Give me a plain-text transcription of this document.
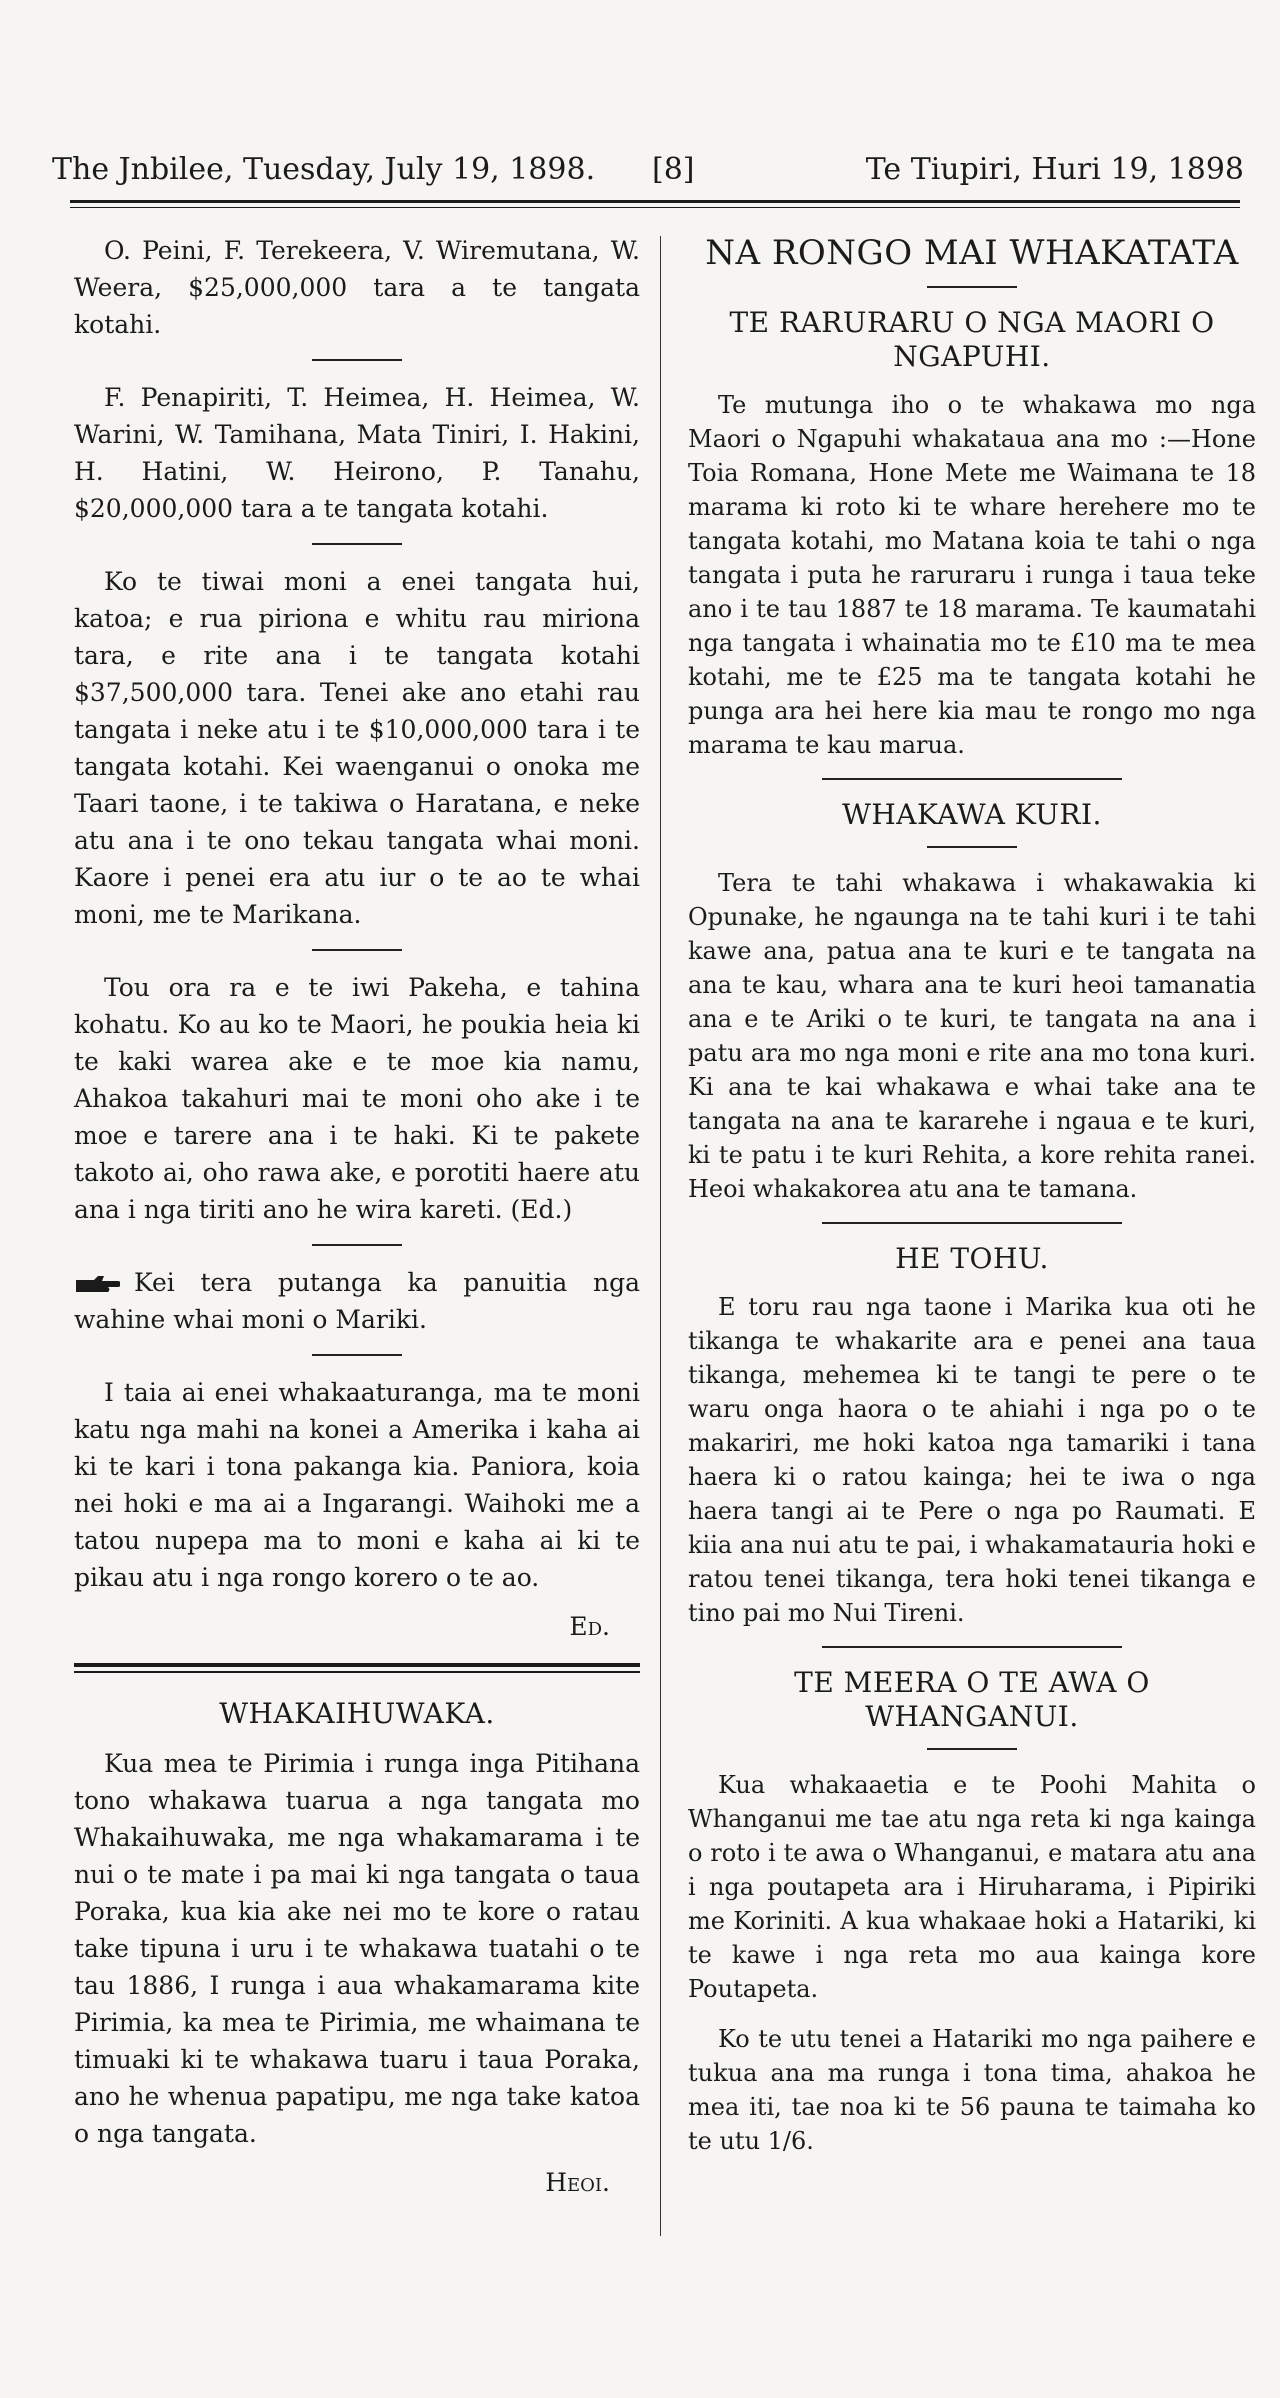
The Jnbilee, Tuesday, July 19, 1898. [8]	Te Tiupiri, Huri 19, 1898

O. Peini, F. Terekeera, V. Wiremutana, W. Weera, $25,000,000 tara a te tangata kotahi.

F. Penapiriti, T. Heimea, H. Heimea, W. Warini, W. Tamihana, Mata Tiniri, I. Hakini, H. Hatini, W. Heirono, P. Tanahu, $20,000,000 tara a te tangata kotahi.

Ko te tiwai moni a enei tangata hui, katoa; e rua piriona e whitu rau miriona tara, e rite ana i te tangata kotahi $37,500,000 tara. Tenei ake ano etahi rau tangata i neke atu i te $10,000,000 tara i te tangata kotahi. Kei waenganui o onoka me Taari taone, i te takiwa o Haratana, e neke atu ana i te ono tekau tangata whai moni. Kaore i penei era atu iur o te ao te whai moni, me te Marikana.

Tou ora ra e te iwi Pakeha, e tahina kohatu. Ko au ko te Maori, he poukia heia ki te kaki warea ake e te moe kia namu, Ahakoa takahuri mai te moni oho ake i te moe e tarere ana i te haki. Ki te pakete takoto ai, oho rawa ake, e porotiti haere atu ana i nga tiriti ano he wira kareti. (Ed.)

Kei tera putanga ka panuitia nga wahine whai moni o Mariki.

I taia ai enei whakaaturanga, ma te moni katu nga mahi na konei a Amerika i kaha ai ki te kari i tona pakanga kia. Paniora, koia nei hoki e ma ai a Ingarangi. Waihoki me a tatou nupepa ma to moni e kaha ai ki te pikau atu i nga rongo korero o te ao.

Ed.
WHAKAIHUWAKA.

Kua mea te Pirimia i runga inga Pitihana tono whakawa tuarua a nga tangata mo Whakaihuwaka, me nga whakamarama i te nui o te mate i pa mai ki nga tangata o taua Poraka, kua kia ake nei mo te kore o ratau take tipuna i uru i te whakawa tuatahi o te tau 1886, I runga i aua whakamarama kite Pirimia, ka mea te Pirimia, me whaimana te timuaki ki te whakawa tuaru i taua Poraka, ano he whenua papatipu, me nga take katoa o nga tangata.

Heoi.
NA RONGO MAI WHAKATATA
TE RARURARU O NGA MAORI O NGAPUHI.

Te mutunga iho o te whakawa mo nga Maori o Ngapuhi whakataua ana mo :—Hone Toia Romana, Hone Mete me Waimana te 18 marama ki roto ki te whare herehere mo te tangata kotahi, mo Matana koia te tahi o nga tangata i puta he raruraru i runga i taua teke ano i te tau 1887 te 18 marama. Te kaumatahi nga tangata i whainatia mo te £10 ma te mea kotahi, me te £25 ma te tangata kotahi he punga ara hei here kia mau te rongo mo nga marama te kau marua.

WHAKAWA KURI.

Tera te tahi whakawa i whakawakia ki Opunake, he ngaunga na te tahi kuri i te tahi kawe ana, patua ana te kuri e te tangata na ana te kau, whara ana te kuri heoi tamanatia ana e te Ariki o te kuri, te tangata na ana i patu ara mo nga moni e rite ana mo tona kuri. Ki ana te kai whakawa e whai take ana te tangata na ana te kararehe i ngaua e te kuri, ki te patu i te kuri Rehita, a kore rehita ranei. Heoi whakakorea atu ana te tamana.

HE TOHU.

E toru rau nga taone i Marika kua oti he tikanga te whakarite ara e penei ana taua tikanga, mehemea ki te tangi te pere o te waru onga haora o te ahiahi i nga po o te makariri, me hoki katoa nga tamariki i tana haera ki o ratou kainga; hei te iwa o nga haera tangi ai te Pere o nga po Raumati. E kiia ana nui atu te pai, i whakamatauria hoki e ratou tenei tikanga, tera hoki tenei tikanga e tino pai mo Nui Tireni.

TE MEERA O TE AWA O WHANGANUI.

Kua whakaaetia e te Poohi Mahita o Whanganui me tae atu nga reta ki nga kainga o roto i te awa o Whanganui, e matara atu ana i nga poutapeta ara i Hiruharama, i Pipiriki me Koriniti. A kua whakaae hoki a Hatariki, ki te kawe i nga reta mo aua kainga kore Poutapeta.

Ko te utu tenei a Hatariki mo nga paihere e tukua ana ma runga i tona tima, ahakoa he mea iti, tae noa ki te 56 pauna te taimaha ko te utu 1/6.
